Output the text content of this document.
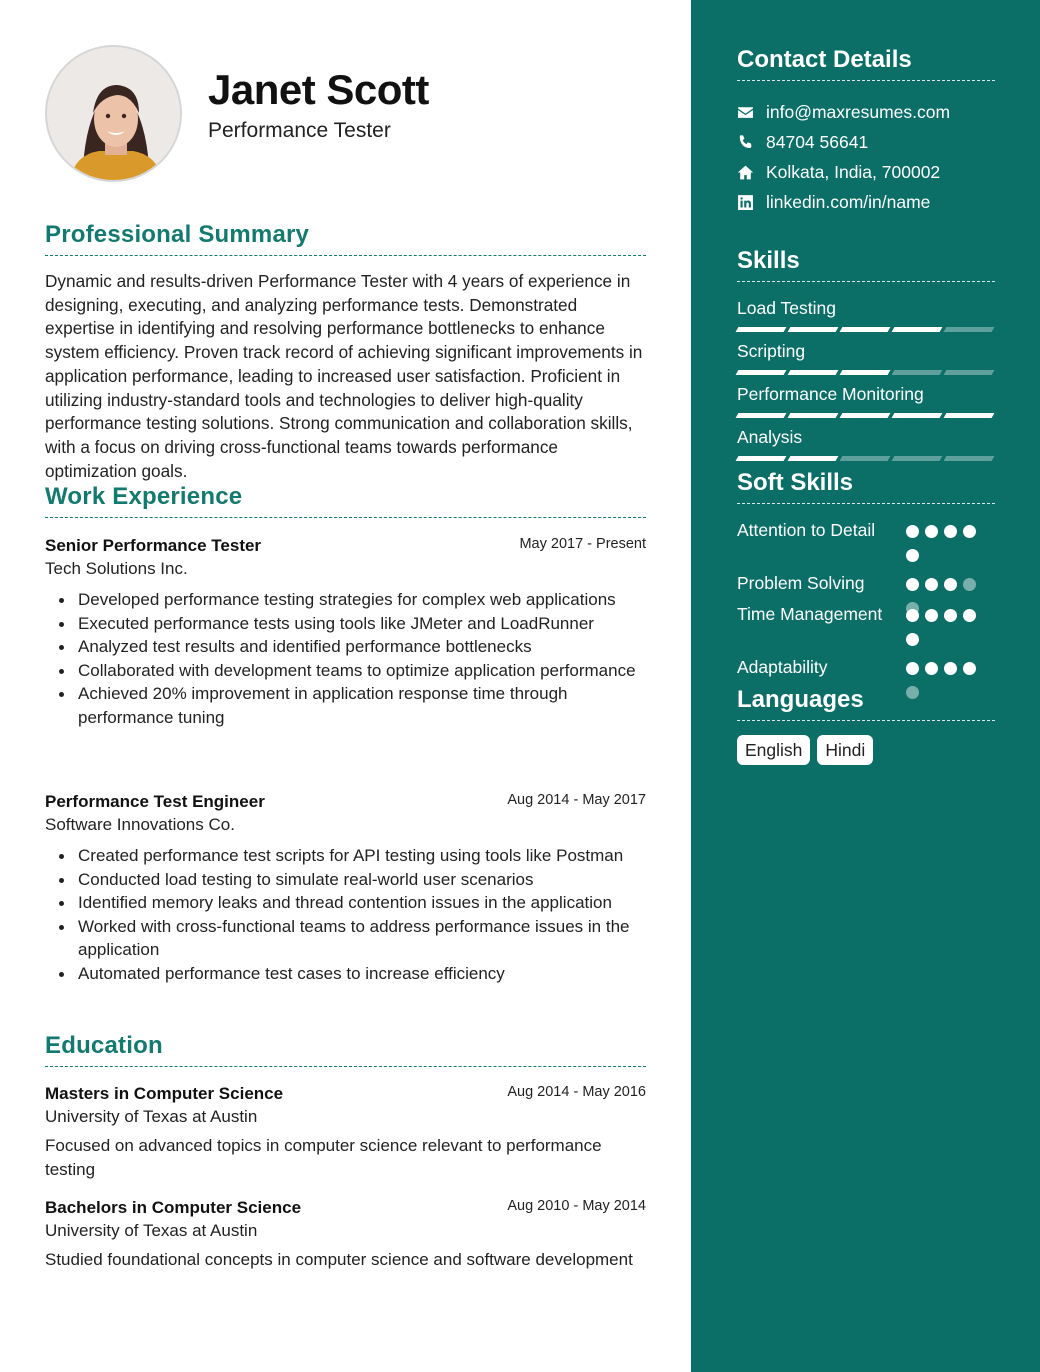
Janet Scott
Performance Tester
Professional Summary
Dynamic and results-driven Performance Tester with 4 years of experience in designing, executing, and analyzing performance tests. Demonstrated expertise in identifying and resolving performance bottlenecks to enhance system efficiency. Proven track record of achieving significant improvements in application performance, leading to increased user satisfaction. Proficient in utilizing industry-standard tools and technologies to deliver high-quality performance testing solutions. Strong communication and collaboration skills, with a focus on driving cross-functional teams towards performance optimization goals.
Work Experience
Senior Performance Tester	May 2017 - Present
Tech Solutions Inc.
Developed performance testing strategies for complex web applications
Executed performance tests using tools like JMeter and LoadRunner
Analyzed test results and identified performance bottlenecks
Collaborated with development teams to optimize application performance
Achieved 20% improvement in application response time through performance tuning
Performance Test Engineer	Aug 2014 - May 2017
Software Innovations Co.
Created performance test scripts for API testing using tools like Postman
Conducted load testing to simulate real-world user scenarios
Identified memory leaks and thread contention issues in the application
Worked with cross-functional teams to address performance issues in the application
Automated performance test cases to increase efficiency
Education
Masters in Computer Science	Aug 2014 - May 2016
University of Texas at Austin
Focused on advanced topics in computer science relevant to performance testing
Bachelors in Computer Science	Aug 2010 - May 2014
University of Texas at Austin
Studied foundational concepts in computer science and software development
Contact Details
info@maxresumes.com
84704 56641
Kolkata, India, 700002
linkedin.com/in/name
Skills
Load Testing
Scripting
Performance Monitoring
Analysis
Soft Skills
Attention to Detail
Problem Solving
Time Management
Adaptability
Languages
English	Hindi
